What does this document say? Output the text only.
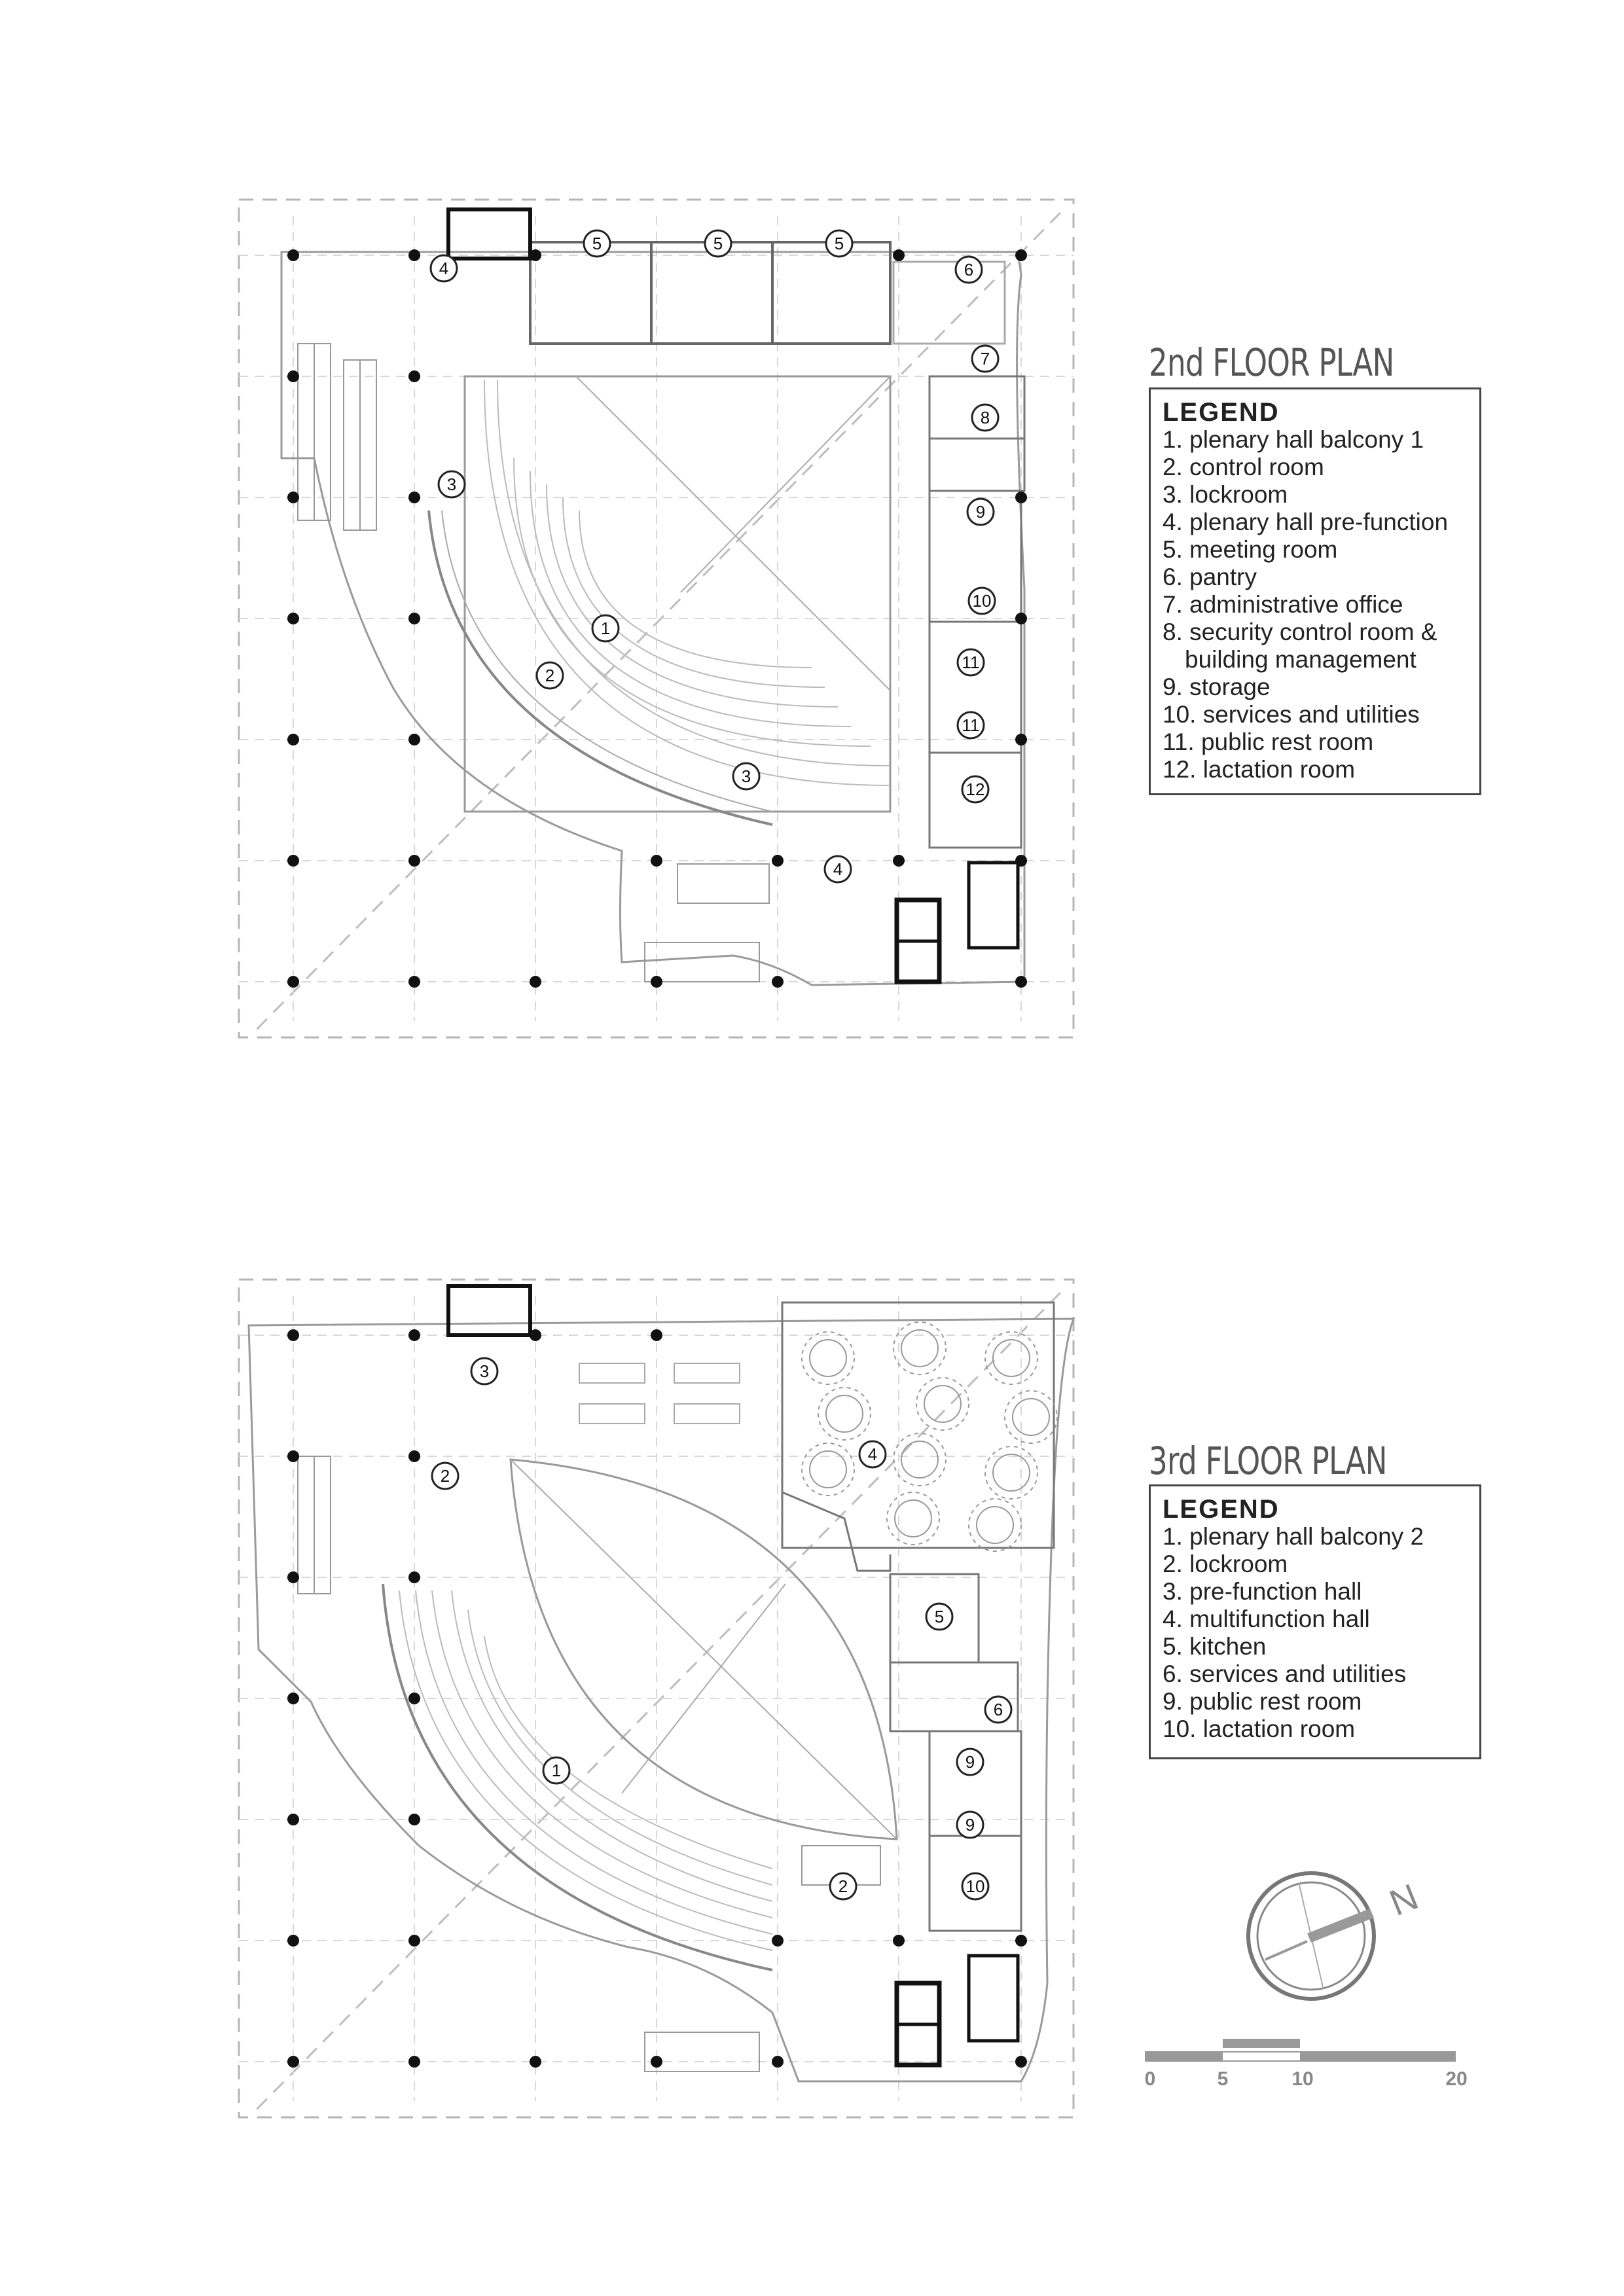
4
5	5	5
6
7
8
9
10
11
11
12
3
1
2
3
4
3
2
4
5
6
9
9
10
1
2	N
2nd FLOOR PLAN
LEGEND
1. plenary hall balcony 1
2. control room
3. lockroom
4. plenary hall pre-function
5. meeting room
6. pantry
7. administrative office
8. security control room &
building management
9. storage
10. services and utilities
11. public rest room
12. lactation room
3rd FLOOR PLAN
LEGEND
1. plenary hall balcony 2
2. lockroom
3. pre-function hall
4. multifunction hall
5. kitchen
6. services and utilities
9. public rest room
10. lactation room
0	5	10	20
